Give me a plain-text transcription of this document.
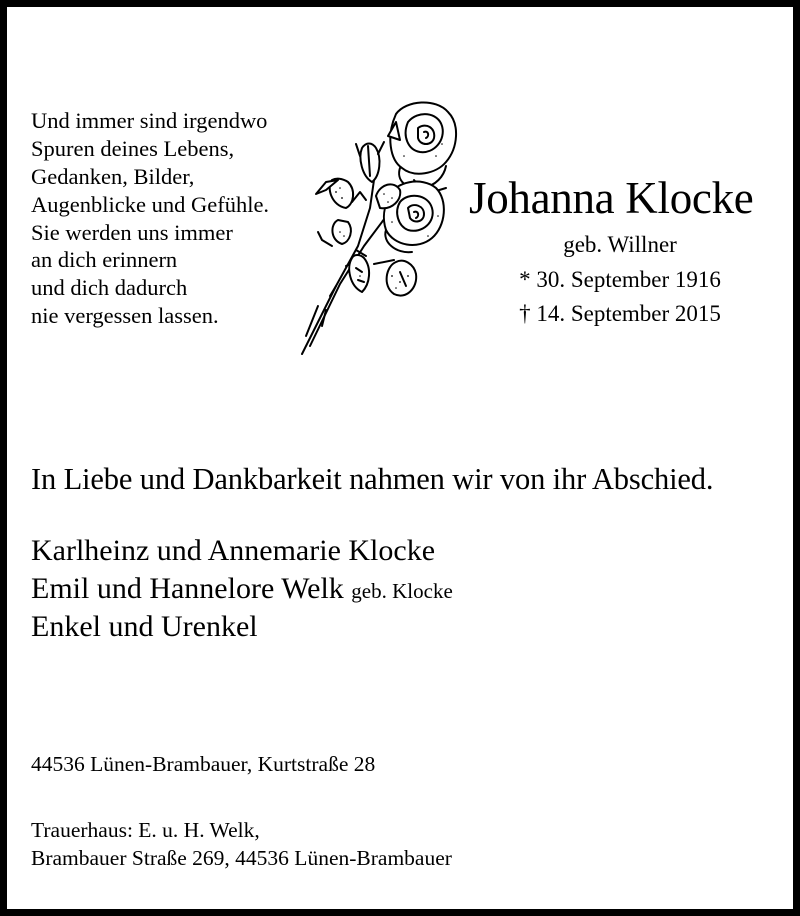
Und immer sind irgendwo
Spuren deines Lebens,
Gedanken, Bilder,
Augenblicke und Gefühle.
Sie werden uns immer
an dich erinnern
und dich dadurch
nie vergessen lassen.
Johanna Klocke
geb. Willner
* 30. September 1916
† 14. September 2015
In Liebe und Dankbarkeit nahmen wir von ihr Abschied.
Karlheinz und Annemarie Klocke
Emil und Hannelore Welk geb. Klocke
Enkel und Urenkel
44536 Lünen-Brambauer, Kurtstraße 28
Trauerhaus: E. u. H. Welk,
Brambauer Straße 269, 44536 Lünen-Brambauer
